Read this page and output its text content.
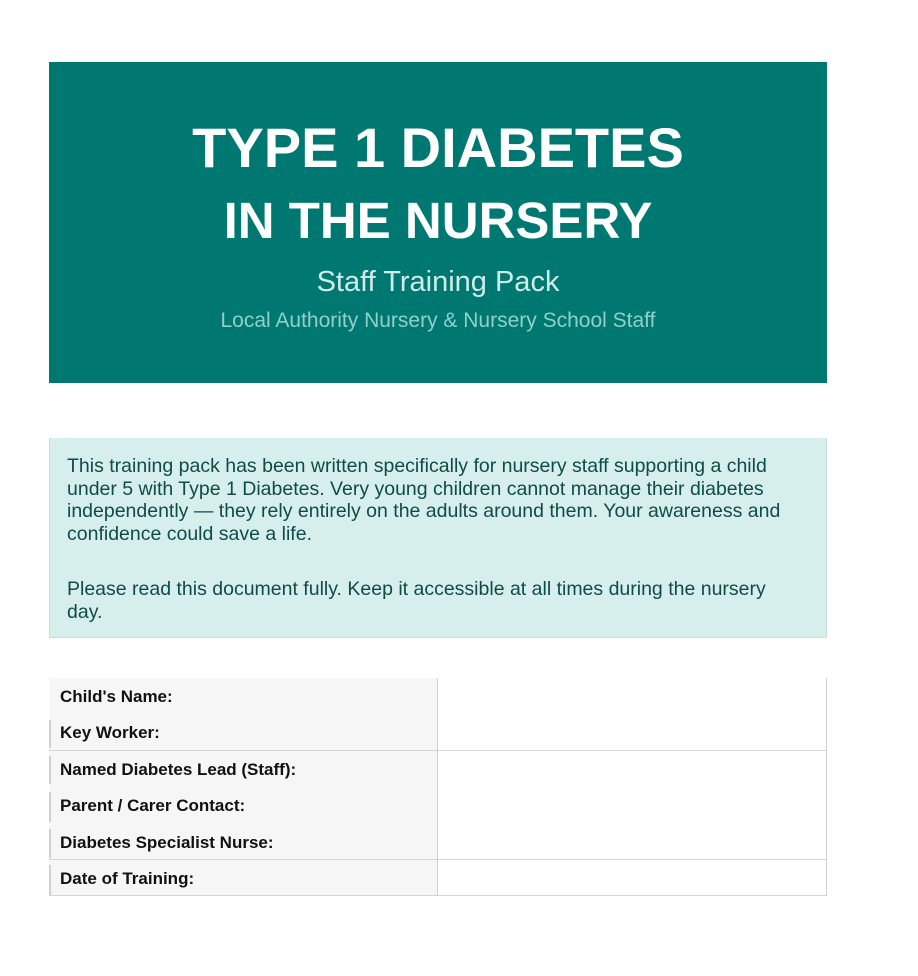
TYPE 1 DIABETES
IN THE NURSERY
Staff Training Pack
Local Authority Nursery & Nursery School Staff

This training pack has been written specifically for nursery staff supporting a child under 5 with Type 1 Diabetes. Very young children cannot manage their diabetes independently — they rely entirely on the adults around them. Your awareness and confidence could save a life.

Please read this document fully. Keep it accessible at all times during the nursery day.

Child's Name:
Key Worker:
Named Diabetes Lead (Staff):
Parent / Carer Contact:
Diabetes Specialist Nurse:
Date of Training:
